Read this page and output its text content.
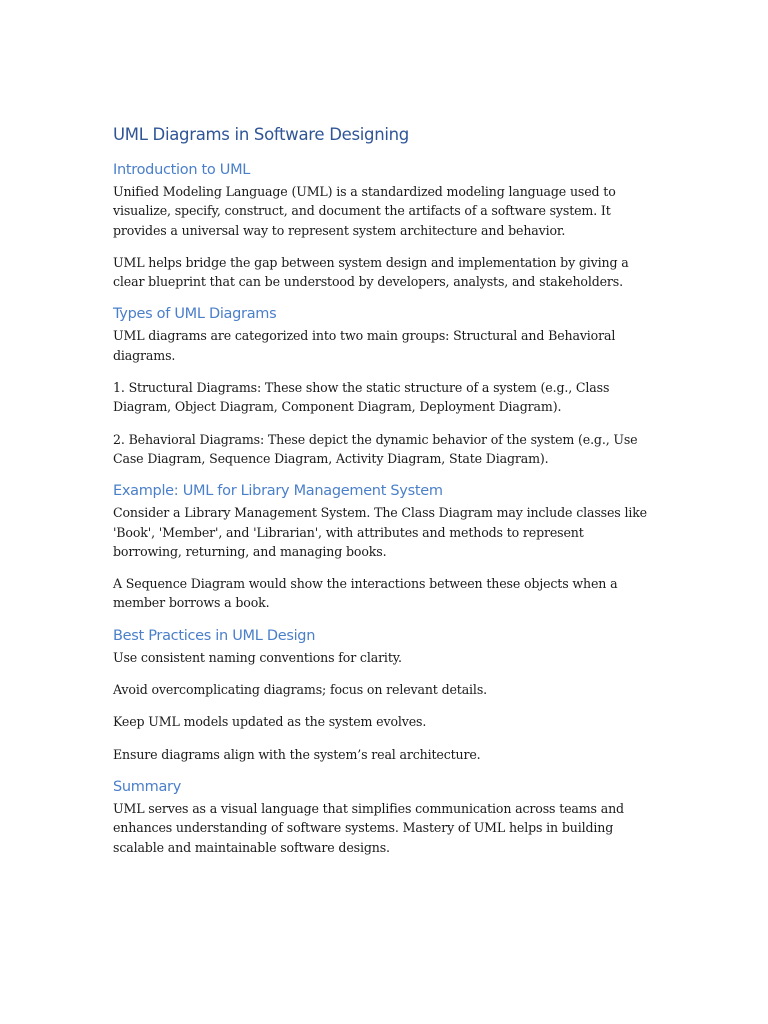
UML Diagrams in Software Designing
Introduction to UML

Unified Modeling Language (UML) is a standardized modeling language used to visualize, specify, construct, and document the artifacts of a software system. It provides a universal way to represent system architecture and behavior.

UML helps bridge the gap between system design and implementation by giving a clear blueprint that can be understood by developers, analysts, and stakeholders.

Types of UML Diagrams

UML diagrams are categorized into two main groups: Structural and Behavioral diagrams.

1. Structural Diagrams: These show the static structure of a system (e.g., Class Diagram, Object Diagram, Component Diagram, Deployment Diagram).

2. Behavioral Diagrams: These depict the dynamic behavior of the system (e.g., Use Case Diagram, Sequence Diagram, Activity Diagram, State Diagram).

Example: UML for Library Management System

Consider a Library Management System. The Class Diagram may include classes like 'Book', 'Member', and 'Librarian', with attributes and methods to represent borrowing, returning, and managing books.

A Sequence Diagram would show the interactions between these objects when a member borrows a book.

Best Practices in UML Design

Use consistent naming conventions for clarity.

Avoid overcomplicating diagrams; focus on relevant details.

Keep UML models updated as the system evolves.

Ensure diagrams align with the system’s real architecture.

Summary

UML serves as a visual language that simplifies communication across teams and enhances understanding of software systems. Mastery of UML helps in building scalable and maintainable software designs.
